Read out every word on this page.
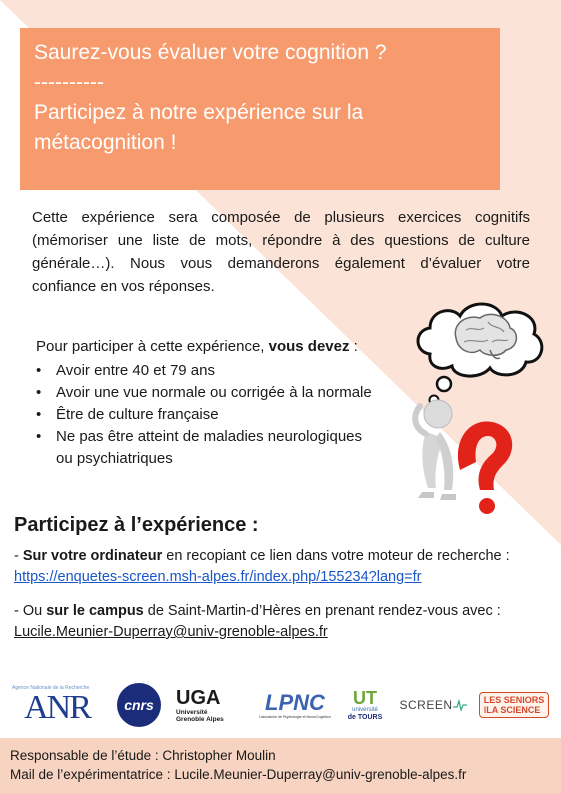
Saurez-vous évaluer votre cognition ?
----------
Participez à notre expérience sur la
métacognition !
Cette expérience sera composée de plusieurs exercices cognitifs (mémoriser une liste de mots, répondre à des questions de culture générale…). Nous vous demanderons également d’évaluer votre confiance en vos réponses.
Pour participer à cette expérience, vous devez :
• Avoir entre 40 et 79 ans
• Avoir une vue normale ou corrigée à la normale
• Être de culture française
• Ne pas être atteint de maladies neurologiques ou psychiatriques
Participez à l’expérience :
- Sur votre ordinateur en recopiant ce lien dans votre moteur de recherche :
https://enquetes-screen.msh-alpes.fr/index.php/155234?lang=fr
- Ou sur le campus de Saint-Martin-d’Hères en prenant rendez-vous avec :
Lucile.Meunier-Duperray@univ-grenoble-alpes.fr
Agence Nationale de la Recherche
ANR cnrs UGA
Université
Grenoble Alpes
LPNC
Laboratoire de Psychologie et NeuroCognition
UT
université
de TOURS
SCREEN	LES SENIORS
ǀLA SCIENCE
Responsable de l’étude : Christopher Moulin
Mail de l’expérimentatrice : Lucile.Meunier-Duperray@univ-grenoble-alpes.fr
